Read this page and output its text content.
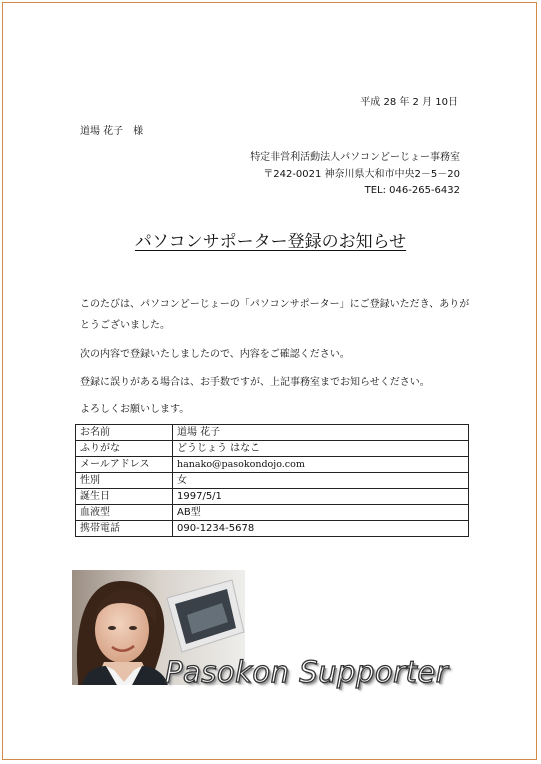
平成 28 年 2 月 10日
道場 花子　様
特定非営利活動法人パソコンどーじょー事務室
〒242-0021 神奈川県大和市中央2－5－20
TEL: 046-265-6432
パソコンサポーター登録のお知らせ
このたびは、パソコンどーじょーの「パソコンサポーター」にご登録いただき、ありがとうございました。
次の内容で登録いたしましたので、内容をご確認ください。
登録に誤りがある場合は、お手数ですが、上記事務室までお知らせください。
よろしくお願いします。
お名前	道場 花子
ふりがな	どうじょう はなこ
メールアドレス	hanako@pasokondojo.com
性別	女
誕生日	1997/5/1
血液型	AB型
携帯電話	090-1234-5678
Pasokon Supporter
